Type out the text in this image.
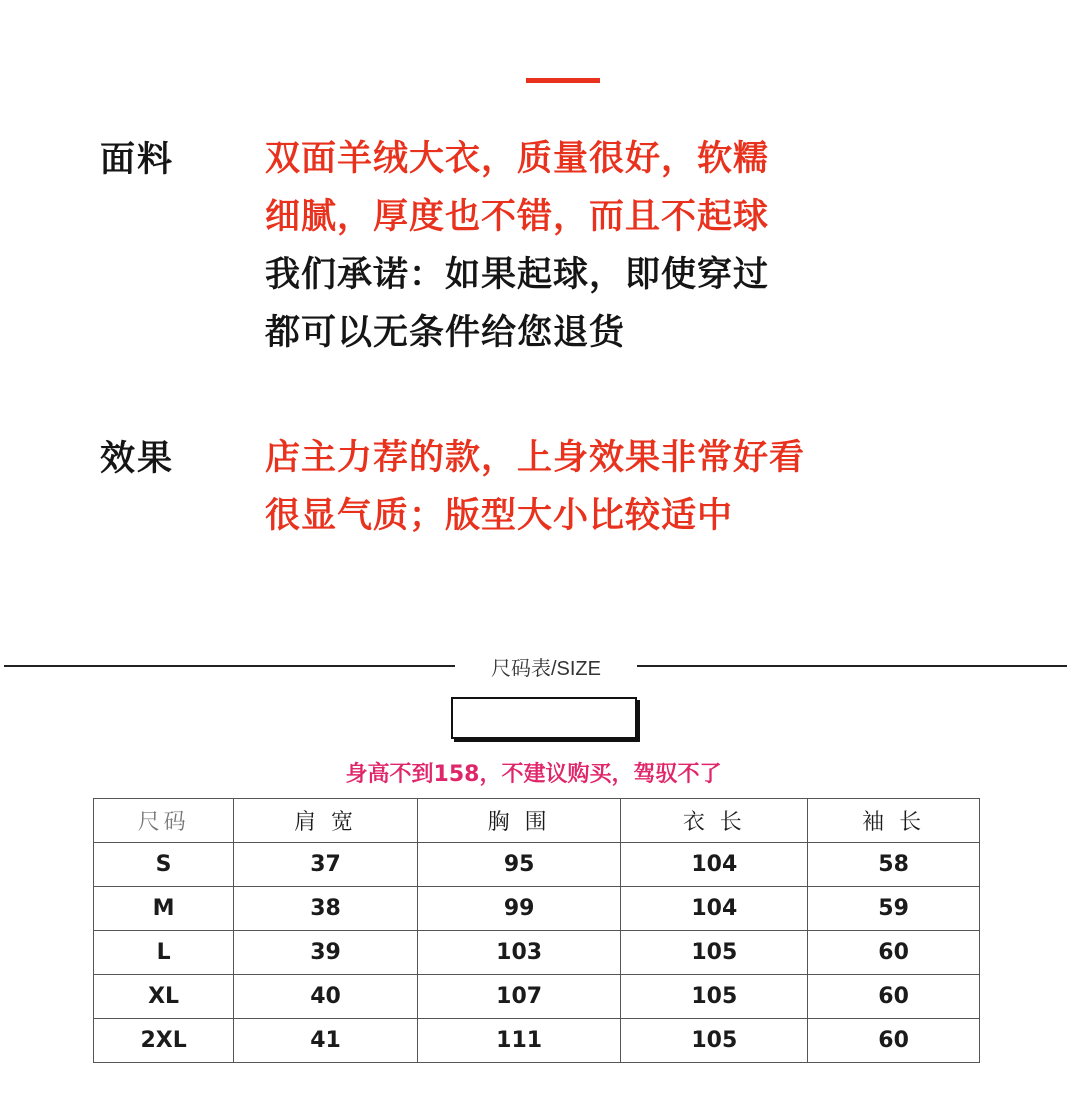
面料	双面羊绒大衣，质量很好，软糯
细腻，厚度也不错，而且不起球
我们承诺：如果起球，即使穿过
都可以无条件给您退货
效果	店主力荐的款，上身效果非常好看
很显气质；版型大小比较适中
尺码表/SIZE
身高不到158，不建议购买，驾驭不了
尺码	肩 宽	胸 围	衣 长	袖 长
S	37	95	104	58
M	38	99	104	59
L	39	103	105	60
XL	40	107	105	60
2XL	41	111	105	60
